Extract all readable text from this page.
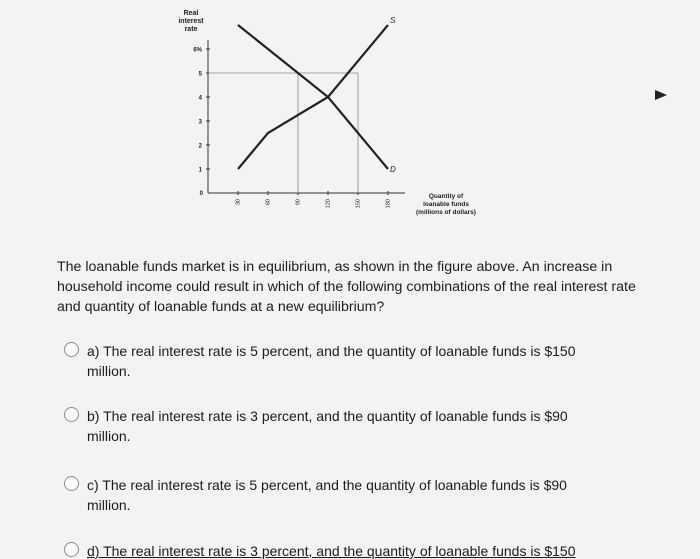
Real
interest
rate
6%
5
4
3
2
1
0
30	60	90	120	150	180
S
D
Quantity of
loanable funds
(millions of dollars)
The loanable funds market is in equilibrium, as shown in the figure above. An increase in household income could result in which of the following combinations of the real interest rate and quantity of loanable funds at a new equilibrium?
a) The real interest rate is 5 percent, and the quantity of loanable funds is $150 million.
b) The real interest rate is 3 percent, and the quantity of loanable funds is $90 million.
c) The real interest rate is 5 percent, and the quantity of loanable funds is $90 million.
d) The real interest rate is 3 percent, and the quantity of loanable funds is $150
